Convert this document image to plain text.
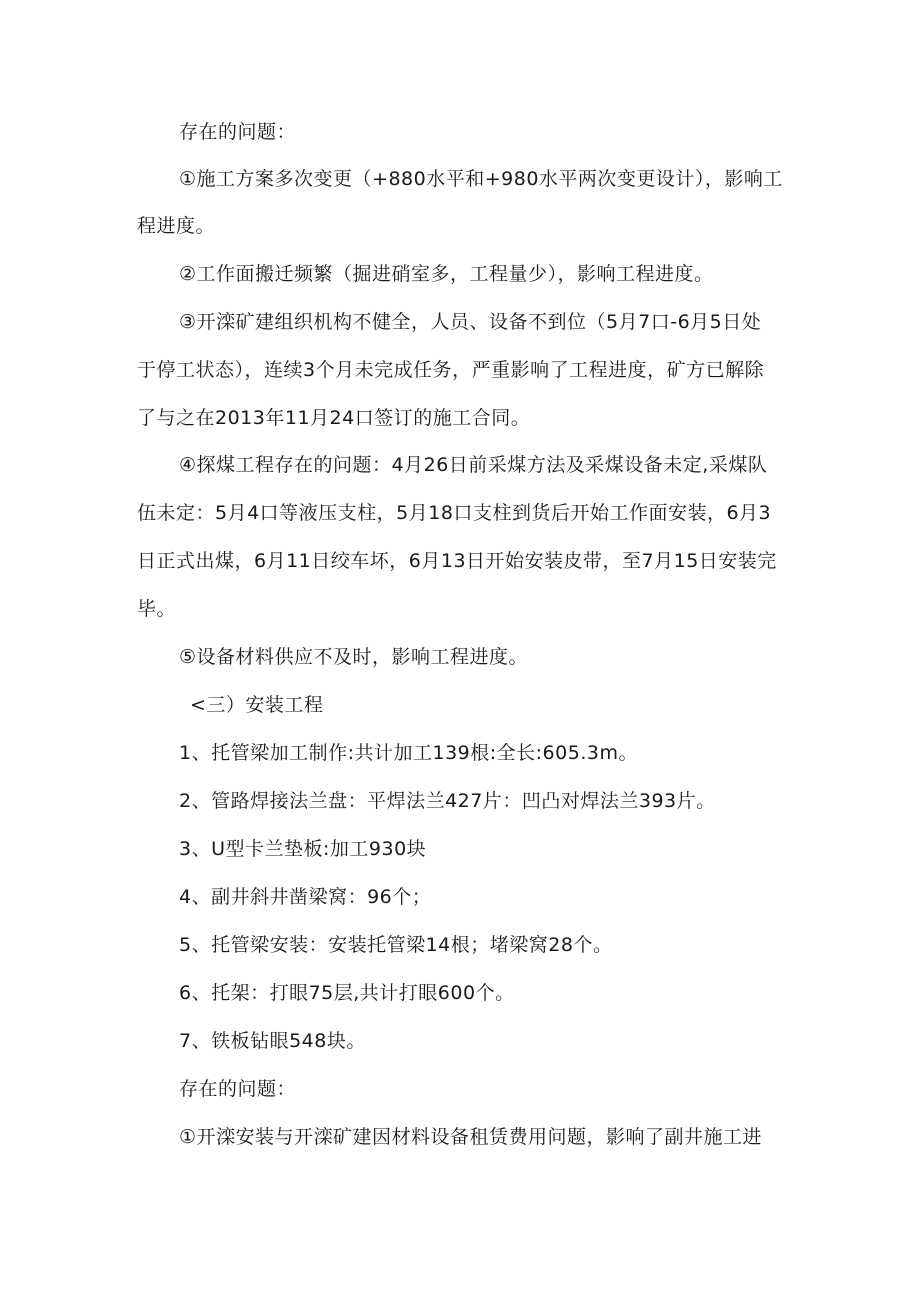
存在的问题：
①施工方案多次变更（+880水平和+980水平两次变更设计），影响工
程进度。
②工作面搬迁频繁（掘进硝室多，工程量少），影响工程进度。
③开滦矿建组织机构不健全，人员、设备不到位（5月7口-6月5日处
于停工状态），连续3个月未完成任务，严重影响了工程进度，矿方已解除
了与之在2013年11月24口签订的施工合同。
④探煤工程存在的问题：4月26日前采煤方法及采煤设备未定,采煤队
伍未定：5月4口等液压支柱，5月18口支柱到货后开始工作面安装，6月3
日正式出煤，6月11日绞车坏，6月13日开始安装皮带，至7月15日安装完
毕。
⑤设备材料供应不及时，影响工程进度。
<三）安装工程
1、托管梁加工制作:共计加工139根:全长:605.3m。
2、管路焊接法兰盘：平焊法兰427片：凹凸对焊法兰393片。
3、U型卡兰垫板:加工930块
4、副井斜井凿梁窝：96个；
5、托管梁安装：安装托管梁14根；堵梁窝28个。
6、托架：打眼75层,共计打眼600个。
7、铁板钻眼548块。
存在的问题：
①开滦安装与开滦矿建因材料设备租赁费用问题，影响了副井施工进
